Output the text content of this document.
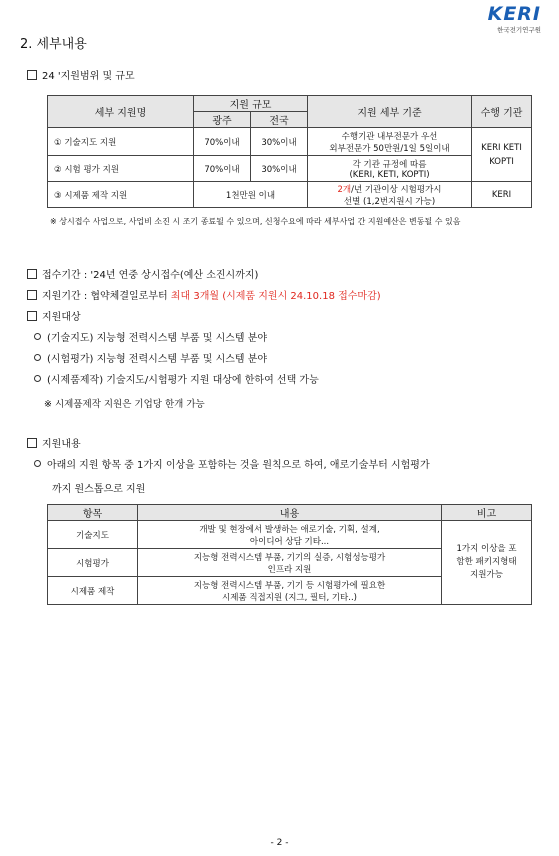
KERI
한국전기연구원
2. 세부내용
24 '지원범위 및 규모
세부 지원명	지원 규모		지원 세부 기준	수행 기관
	광주	전국		
① 기술지도 지원	70%이내	30%이내	수행기관 내부전문가 우선
외부전문가 50만원/1일 5일이내	KERI KETI KOPTI
② 시험 평가 지원	70%이내	30%이내	각 기관 규정에 따름
(KERI, KETI, KOPTI)	

③ 시제품 제작 지원	1천만원 이내		2개/년 기관이상 시험평가시
선별 (1,2번지원시 가능)	KERI
※ 상시접수 사업으로, 사업비 소진 시 조기 종료될 수 있으며, 신청수요에 따라 세부사업 간 지원예산은 변동될 수 있음
접수기간 : '24년 연중 상시접수(예산 소진시까지)
지원기간 : 협약체결일로부터 최대 3개월 (시제품 지원시 24.10.18 접수마감)
지원대상
(기술지도) 지능형 전력시스템 부품 및 시스템 분야
(시험평가) 지능형 전력시스템 부품 및 시스템 분야
(시제품제작) 기술지도/시험평가 지원 대상에 한하여 선택 가능
※ 시제품제작 지원은 기업당 한개 가능
지원내용
아래의 지원 항목 중 1가지 이상을 포함하는 것을 원칙으로 하여, 애로기술부터 시험평가
까지 원스톱으로 지원
항목	내용	비고
기술지도	개발 및 현장에서 발생하는 애로기술, 기획, 설계,
아이디어 상담 기타...	1가지 이상을 포함한 패키지형태 지원가능
시험평가	지능형 전력시스템 부품, 기기의 실증, 시험성능평가
인프라 지원	

시제품 제작	지능형 전력시스템 부품, 기기 등 시험평가에 필요한
시제품 직접지원 (지그, 필터, 기타..)	
- 2 -
